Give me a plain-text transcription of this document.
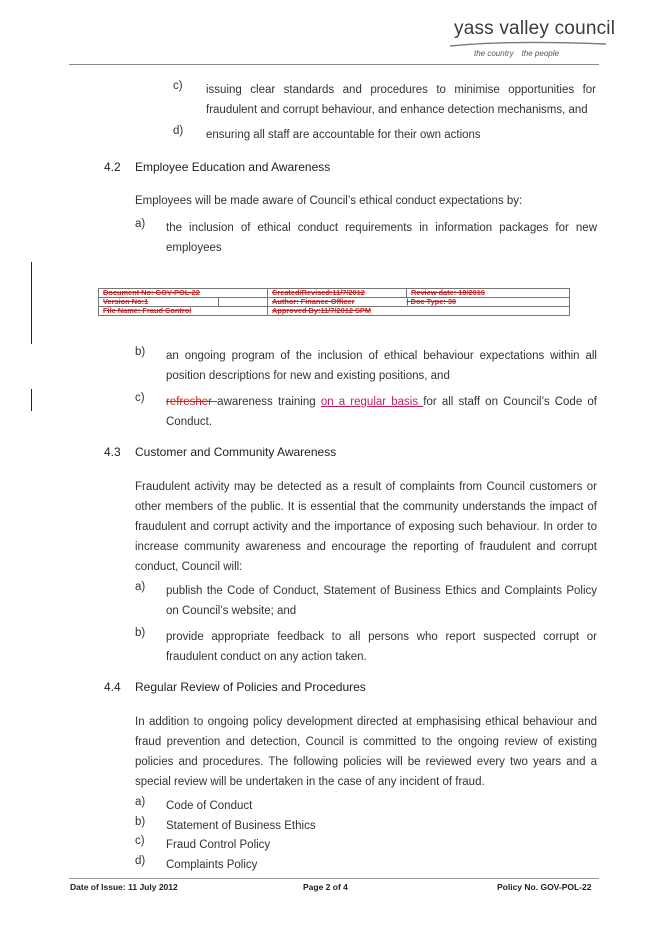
yass valley council
the country the people
c) issuing clear standards and procedures to minimise opportunities for fraudulent and corrupt behaviour, and enhance detection mechanisms, and
d) ensuring all staff are accountable for their own actions
4.2 Employee Education and Awareness
Employees will be made aware of Council’s ethical conduct expectations by:
a) the inclusion of ethical conduct requirements in information packages for new employees
Document No: GOV-POL-22		Created/Revised:11/7/2012	Review date: 10/2016
Version No:1		Author: Finance Officer | Doc Type: 30	
File Name: Fraud Control		Approved By:11/7/2012 SPM	
b) an ongoing program of the inclusion of ethical behaviour expectations within all position descriptions for new and existing positions, and
c) refresher awareness training on a regular basis for all staff on Council’s Code of Conduct.
4.3 Customer and Community Awareness
Fraudulent activity may be detected as a result of complaints from Council customers or other members of the public. It is essential that the community understands the impact of fraudulent and corrupt activity and the importance of exposing such behaviour. In order to increase community awareness and encourage the reporting of fraudulent and corrupt conduct, Council will:
a) publish the Code of Conduct, Statement of Business Ethics and Complaints Policy on Council’s website; and
b) provide appropriate feedback to all persons who report suspected corrupt or fraudulent conduct on any action taken.
4.4 Regular Review of Policies and Procedures
In addition to ongoing policy development directed at emphasising ethical behaviour and fraud prevention and detection, Council is committed to the ongoing review of existing policies and procedures. The following policies will be reviewed every two years and a special review will be undertaken in the case of any incident of fraud.
a) Code of Conduct
b) Statement of Business Ethics
c) Fraud Control Policy
d) Complaints Policy
Date of Issue: 11 July 2012	Page 2 of 4	Policy No. GOV-POL-22
